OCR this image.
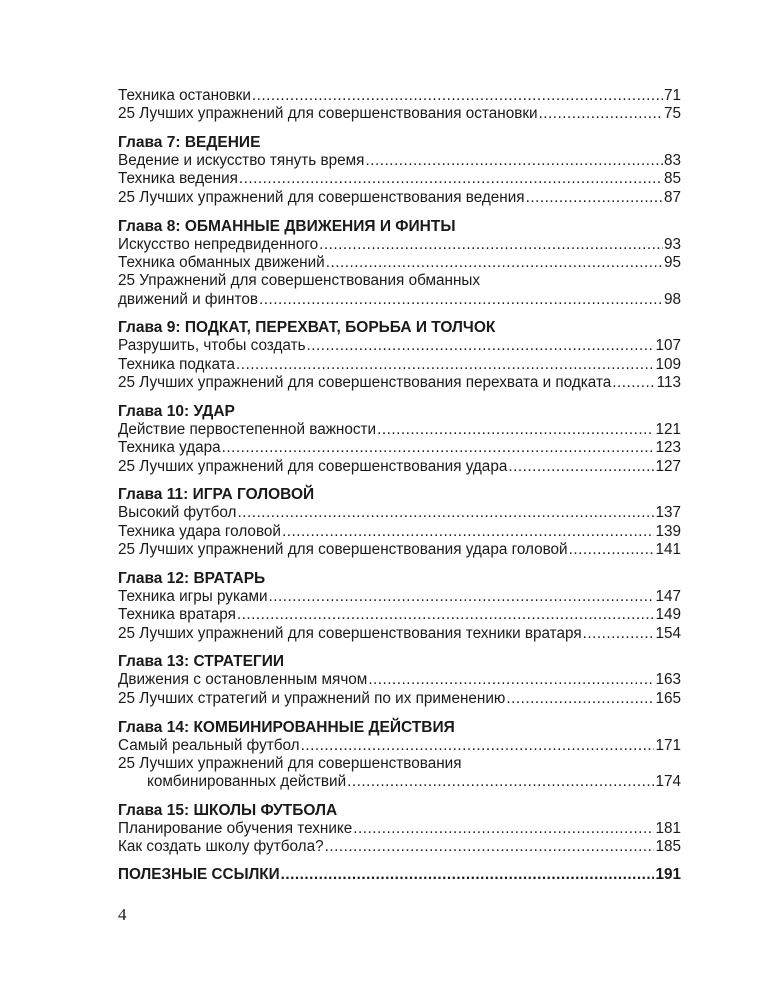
Техника остановки .....	71
25 Лучших упражнений для совершенствования остановки .....	75
Глава 7: ВЕДЕНИЕ
Ведение и искусство тянуть время .....	83
Техника ведения .....	85
25 Лучших упражнений для совершенствования ведения .....	87
Глава 8: ОБМАННЫЕ ДВИЖЕНИЯ И ФИНТЫ
Искусство непредвиденного .....	93
Техника обманных движений .....	95
25 Упражнений для совершенствования обманных
движений и финтов .....	98
Глава 9: ПОДКАТ, ПЕРЕХВАТ, БОРЬБА И ТОЛЧОК
Разрушить, чтобы создать .....	107
Техника подката .....	109
25 Лучших упражнений для совершенствования перехвата и подката .....	113
Глава 10: УДАР
Действие первостепенной важности .....	121
Техника удара .....	123
25 Лучших упражнений для совершенствования удара .....	127
Глава 11: ИГРА ГОЛОВОЙ
Высокий футбол .....	137
Техника удара головой .....	139
25 Лучших упражнений для совершенствования удара головой .....	141
Глава 12: ВРАТАРЬ
Техника игры руками .....	147
Техника вратаря .....	149
25 Лучших упражнений для совершенствования техники вратаря .....	154
Глава 13: СТРАТЕГИИ
Движения с остановленным мячом .....	163
25 Лучших стратегий и упражнений по их применению .....	165
Глава 14: КОМБИНИРОВАННЫЕ ДЕЙСТВИЯ
Самый реальный футбол .....	171
25 Лучших упражнений для совершенствования
комбинированных действий .....	174
Глава 15: ШКОЛЫ ФУТБОЛА
Планирование обучения технике .....	181
Как создать школу футбола? .....	185
ПОЛЕЗНЫЕ ССЫЛКИ .....	191
4
